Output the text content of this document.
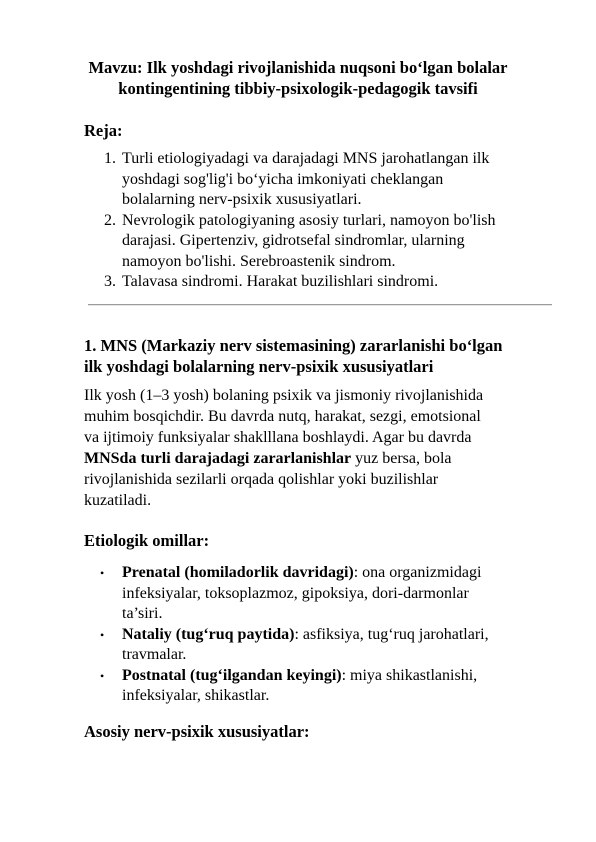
Mavzu: Ilk yoshdagi rivojlanishida nuqsoni bo‘lgan bolalar
kontingentining tibbiy-psixologik-pedagogik tavsifi
Reja:
1. Turli etiologiyadagi va darajadagi MNS jarohatlangan ilk
yoshdagi sog'lig'i bo‘yicha imkoniyati cheklangan
bolalarning nerv-psixik xususiyatlari.
2. Nevrologik patologiyaning asosiy turlari, namoyon bo'lish
darajasi. Gipertenziv, gidrotsefal sindromlar, ularning
namoyon bo'lishi. Serebroastenik sindrom.
3. Talavasa sindromi. Harakat buzilishlari sindromi.
1. MNS (Markaziy nerv sistemasining) zararlanishi bo‘lgan
ilk yoshdagi bolalarning nerv-psixik xususiyatlari
Ilk yosh (1–3 yosh) bolaning psixik va jismoniy rivojlanishida
muhim bosqichdir. Bu davrda nutq, harakat, sezgi, emotsional
va ijtimoiy funksiyalar shaklllana boshlaydi. Agar bu davrda
MNSda turli darajadagi zararlanishlar yuz bersa, bola
rivojlanishida sezilarli orqada qolishlar yoki buzilishlar
kuzatiladi.
Etiologik omillar:
• Prenatal (homiladorlik davridagi): ona organizmidagi
infeksiyalar, toksoplazmoz, gipoksiya, dori-darmonlar
ta’siri.
• Nataliy (tug‘ruq paytida): asfiksiya, tug‘ruq jarohatlari,
travmalar.
• Postnatal (tug‘ilgandan keyingi): miya shikastlanishi,
infeksiyalar, shikastlar.
Asosiy nerv-psixik xususiyatlar:
